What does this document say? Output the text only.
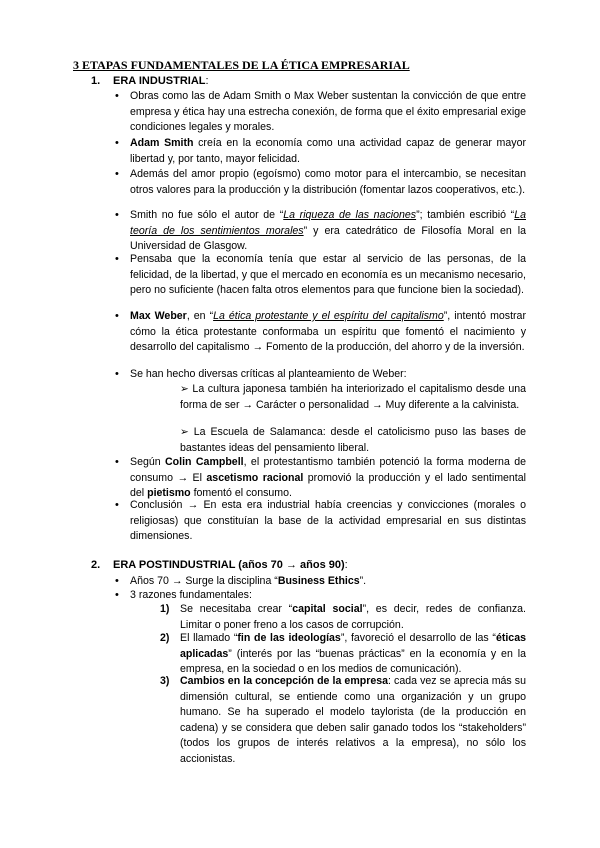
3 ETAPAS FUNDAMENTALES DE LA ÉTICA EMPRESARIAL
1. ERA INDUSTRIAL:
• Obras como las de Adam Smith o Max Weber sustentan la convicción de que entre empresa y ética hay una estrecha conexión, de forma que el éxito empresarial exige condiciones legales y morales.
• Adam Smith creía en la economía como una actividad capaz de generar mayor libertad y, por tanto, mayor felicidad.
• Además del amor propio (egoísmo) como motor para el intercambio, se necesitan otros valores para la producción y la distribución (fomentar lazos cooperativos, etc.).
• Smith no fue sólo el autor de “La riqueza de las naciones”; también escribió “La teoría de los sentimientos morales” y era catedrático de Filosofía Moral en la Universidad de Glasgow.
• Pensaba que la economía tenía que estar al servicio de las personas, de la felicidad, de la libertad, y que el mercado en economía es un mecanismo necesario, pero no suficiente (hacen falta otros elementos para que funcione bien la sociedad).
• Max Weber, en “La ética protestante y el espíritu del capitalismo”, intentó mostrar cómo la ética protestante conformaba un espíritu que fomentó el nacimiento y desarrollo del capitalismo → Fomento de la producción, del ahorro y de la inversión.
• Se han hecho diversas críticas al planteamiento de Weber:
➢ La cultura japonesa también ha interiorizado el capitalismo desde una forma de ser → Carácter o personalidad → Muy diferente a la calvinista.
➢ La Escuela de Salamanca: desde el catolicismo puso las bases de bastantes ideas del pensamiento liberal.
• Según Colin Campbell, el protestantismo también potenció la forma moderna de consumo → El ascetismo racional promovió la producción y el lado sentimental del pietismo fomentó el consumo.
• Conclusión → En esta era industrial había creencias y convicciones (morales o religiosas) que constituían la base de la actividad empresarial en sus distintas dimensiones.
2. ERA POSTINDUSTRIAL (años 70 → años 90):
• Años 70 → Surge la disciplina “Business Ethics”.
• 3 razones fundamentales:
1) Se necesitaba crear “capital social”, es decir, redes de confianza. Limitar o poner freno a los casos de corrupción.
2) El llamado “fin de las ideologías”, favoreció el desarrollo de las “éticas aplicadas” (interés por las “buenas prácticas” en la economía y en la empresa, en la sociedad o en los medios de comunicación).
3) Cambios en la concepción de la empresa: cada vez se aprecia más su dimensión cultural, se entiende como una organización y un grupo humano. Se ha superado el modelo taylorista (de la producción en cadena) y se considera que deben salir ganado todos los “stakeholders” (todos los grupos de interés relativos a la empresa), no sólo los accionistas.
